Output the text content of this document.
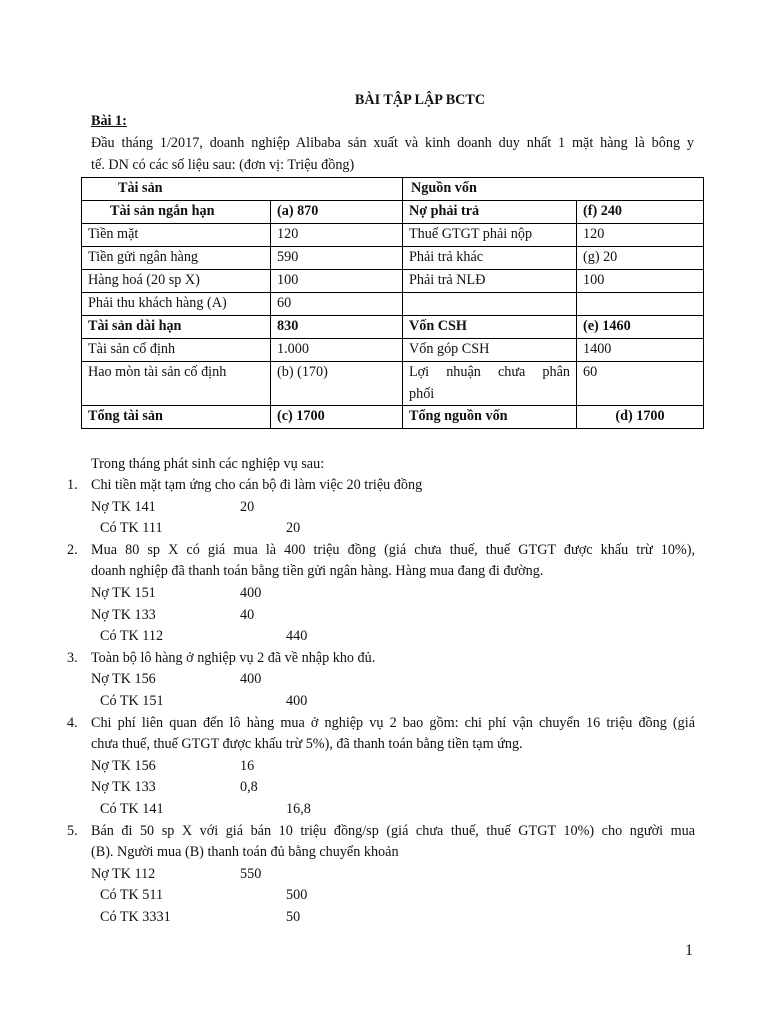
BÀI TẬP LẬP BCTC
Bài 1:

Đầu tháng 1/2017, doanh nghiệp Alibaba sản xuất và kinh doanh duy nhất 1 mặt hàng là bông y

tế. DN có các số liệu sau: (đơn vị: Triệu đồng)

Tài sản		Nguồn vốn	
Tài sản ngắn hạn	(a) 870	Nợ phải trả	(f) 240
Tiền mặt	120	Thuế GTGT phải nộp	120
Tiền gửi ngân hàng	590	Phải trả khác	(g) 20
Hàng hoá (20 sp X)	100	Phải trả NLĐ	100
Phải thu khách hàng (A)	60		
Tài sản dài hạn	830	Vốn CSH	(e) 1460
Tài sản cố định	1.000	Vốn góp CSH	1400
Hao mòn tài sản cố định	(b) (170)	Lợi nhuận chưa phân
phối	60
Tổng tài sản	(c) 1700	Tổng nguồn vốn	(d) 1700
Trong tháng phát sinh các nghiệp vụ sau:
1. Chi tiền mặt tạm ứng cho cán bộ đi làm việc 20 triệu đồng
Nợ TK 141	20
Có TK 111	20
2. Mua 80 sp X có giá mua là 400 triệu đồng (giá chưa thuế, thuế GTGT được khấu trừ 10%),
doanh nghiệp đã thanh toán bằng tiền gửi ngân hàng. Hàng mua đang đi đường.
Nợ TK 151	400
Nợ TK 133	40
Có TK 112	440
3. Toàn bộ lô hàng ở nghiệp vụ 2 đã về nhập kho đủ.
Nợ TK 156	400
Có TK 151	400
4. Chi phí liên quan đến lô hàng mua ở nghiệp vụ 2 bao gồm: chi phí vận chuyển 16 triệu đồng (giá
chưa thuế, thuế GTGT được khấu trừ 5%), đã thanh toán bằng tiền tạm ứng.
Nợ TK 156	16
Nợ TK 133	0,8
Có TK 141	16,8
5. Bán đi 50 sp X với giá bán 10 triệu đồng/sp (giá chưa thuế, thuế GTGT 10%) cho người mua
(B). Người mua (B) thanh toán đủ bằng chuyển khoản
Nợ TK 112	550
Có TK 511	500
Có TK 3331	50
1
